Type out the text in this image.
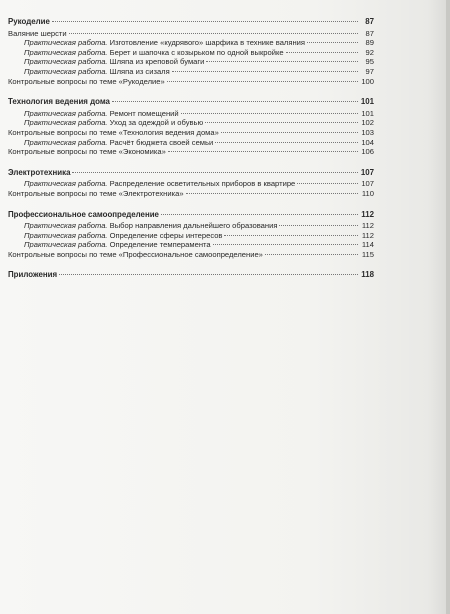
Рукоделие	87
Валяние шерсти	87
Практическая работа. Изготовление «кудрявого» шарфика в технике валяния	89
Практическая работа. Берет и шапочка с козырьком по одной выкройке	92
Практическая работа. Шляпа из креповой бумаги	95
Практическая работа. Шляпа из сизаля	97
Контрольные вопросы по теме «Рукоделие»	100
Технология ведения дома	101
Практическая работа. Ремонт помещений	101
Практическая работа. Уход за одеждой и обувью	102
Контрольные вопросы по теме «Технология ведения дома»	103
Практическая работа. Расчёт бюджета своей семьи	104
Контрольные вопросы по теме «Экономика»	106
Электротехника	107
Практическая работа. Распределение осветительных приборов в квартире	107
Контрольные вопросы по теме «Электротехника»	110
Профессиональное самоопределение	112
Практическая работа. Выбор направления дальнейшего образования	112
Практическая работа. Определение сферы интересов	112
Практическая работа. Определение темперамента	114
Контрольные вопросы по теме «Профессиональное самоопределение»	115
Приложения	118
